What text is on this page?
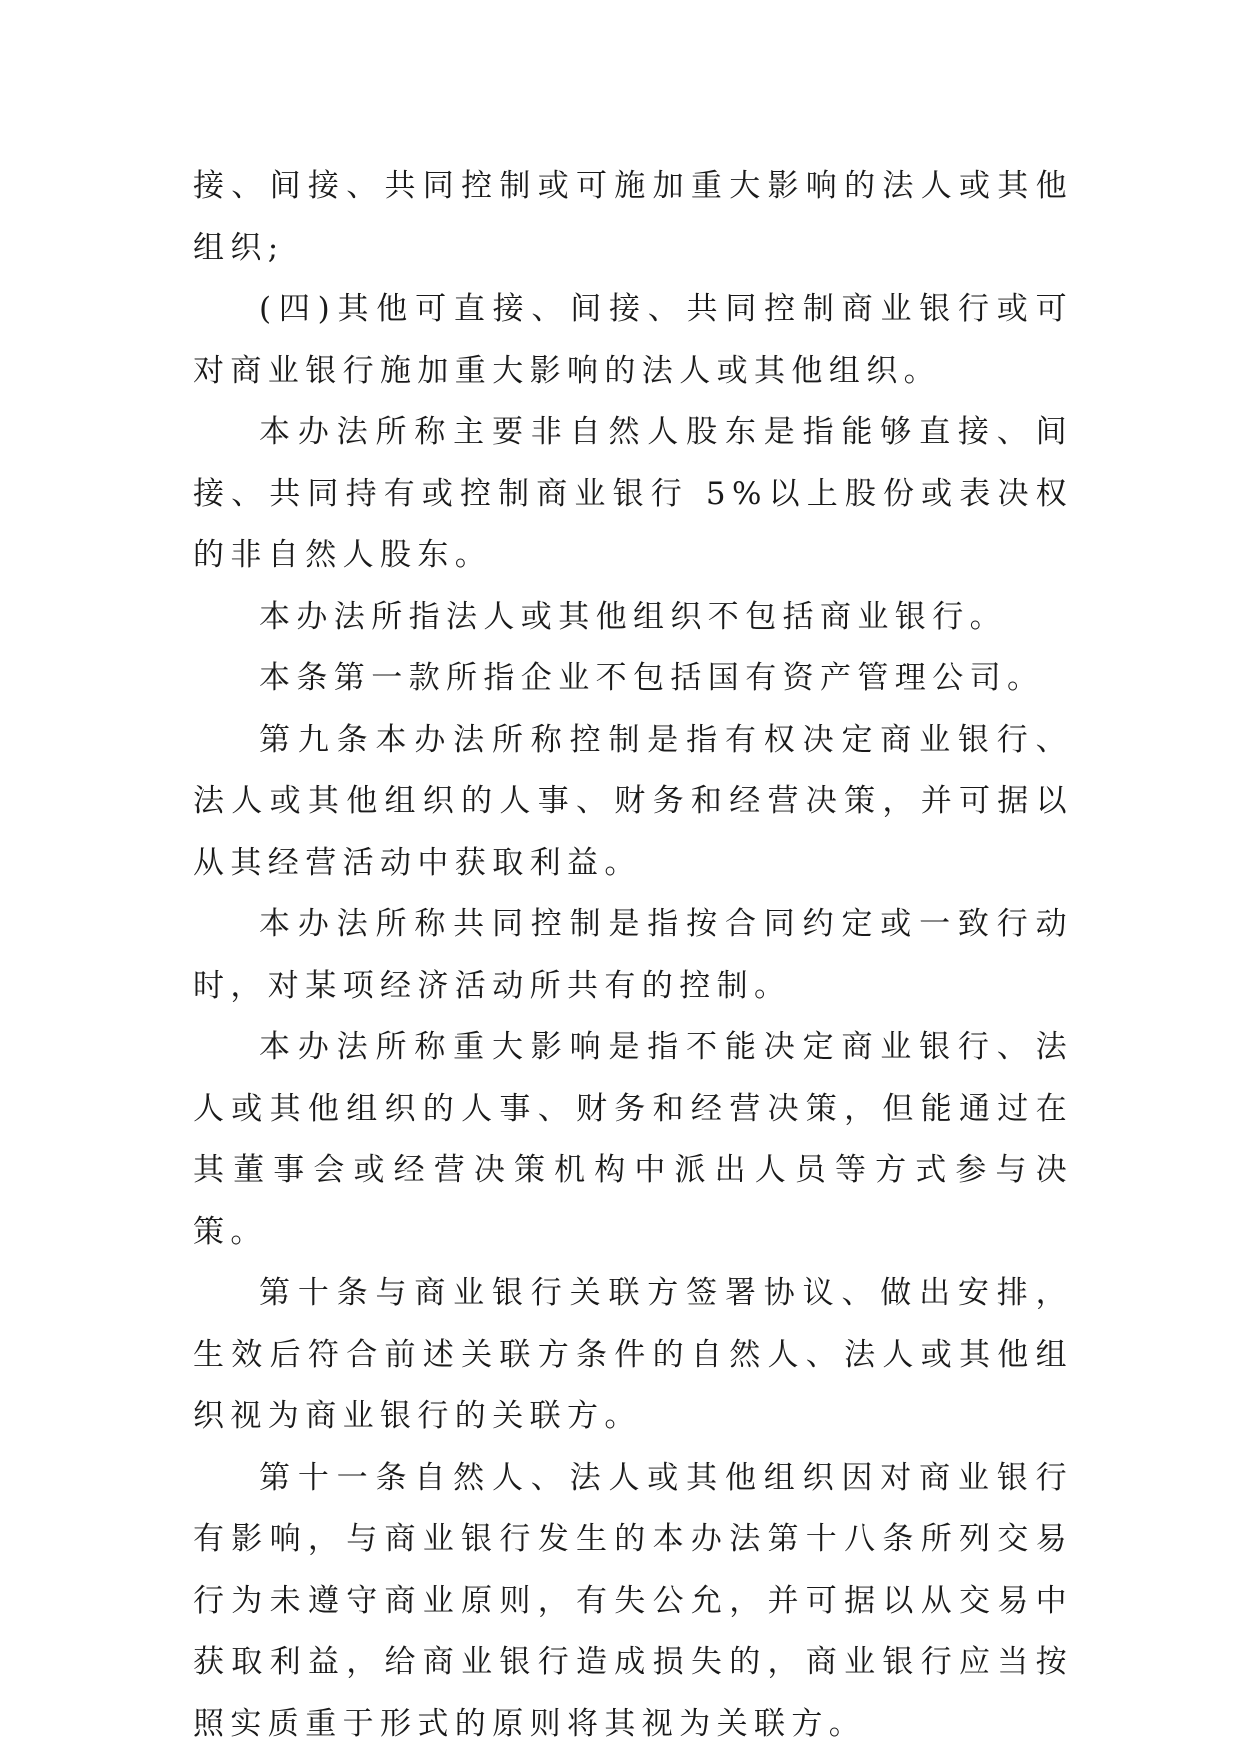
接、间接、共同控制或可施加重大影响的法人或其他组织;

(四)其他可直接、间接、共同控制商业银行或可对商业银行施加重大影响的法人或其他组织。

本办法所称主要非自然人股东是指能够直接、间接、共同持有或控制商业银行 5%以上股份或表决权的非自然人股东。

本办法所指法人或其他组织不包括商业银行。

本条第一款所指企业不包括国有资产管理公司。

第九条本办法所称控制是指有权决定商业银行、法人或其他组织的人事、财务和经营决策，并可据以从其经营活动中获取利益。

本办法所称共同控制是指按合同约定或一致行动时，对某项经济活动所共有的控制。

本办法所称重大影响是指不能决定商业银行、法人或其他组织的人事、财务和经营决策，但能通过在其董事会或经营决策机构中派出人员等方式参与决策。

第十条与商业银行关联方签署协议、做出安排，生效后符合前述关联方条件的自然人、法人或其他组织视为商业银行的关联方。

第十一条自然人、法人或其他组织因对商业银行有影响，与商业银行发生的本办法第十八条所列交易行为未遵守商业原则，有失公允，并可据以从交易中获取利益，给商业银行造成损失的，商业银行应当按照实质重于形式的原则将其视为关联方。
